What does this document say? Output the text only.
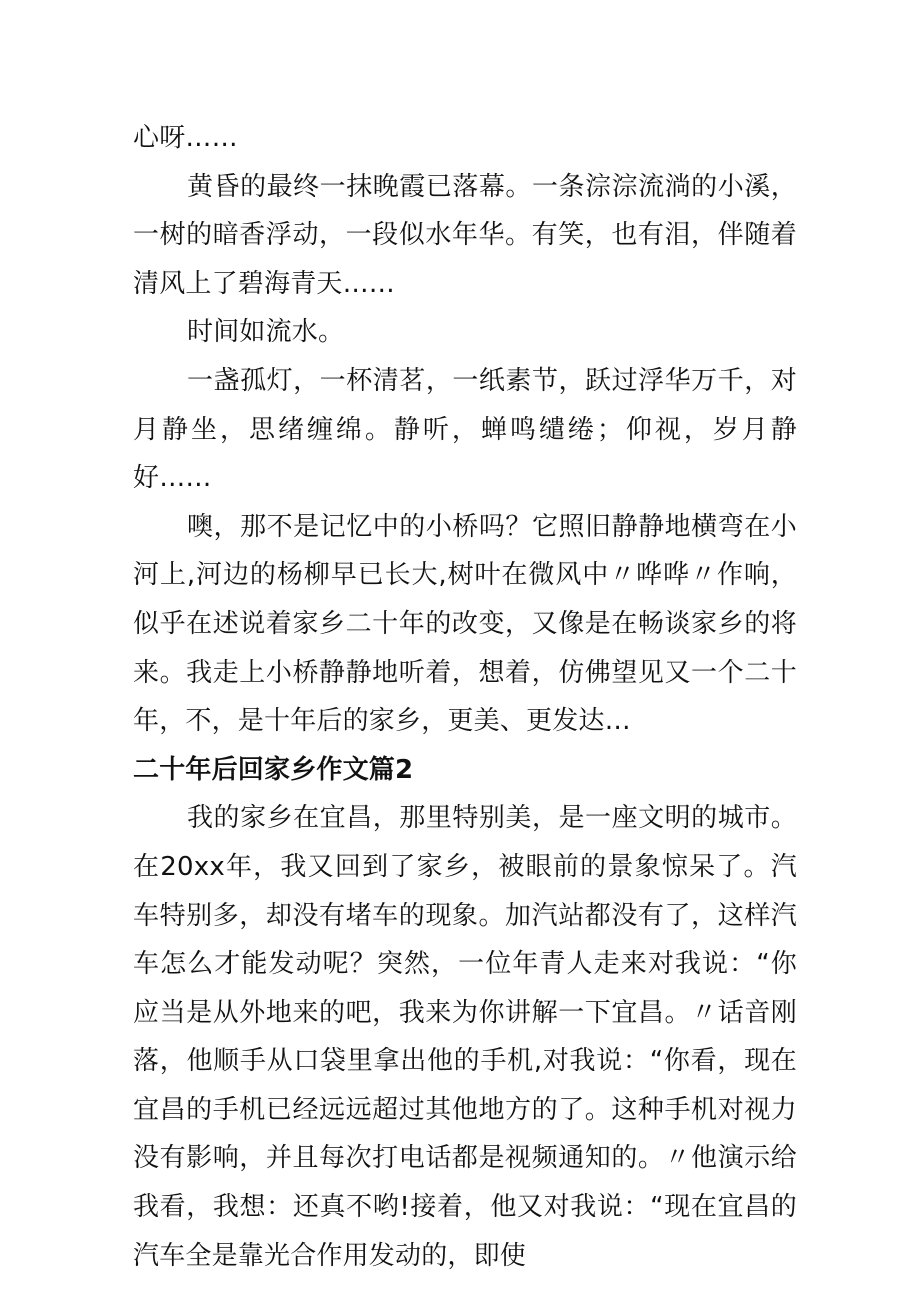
心呀……

黄昏的最终一抹晚霞已落幕。一条淙淙流淌的小溪，一树的暗香浮动，一段似水年华。有笑，也有泪，伴随着清风上了碧海青天……

时间如流水。

一盏孤灯，一杯清茗，一纸素节，跃过浮华万千，对月静坐，思绪缠绵。静听，蝉鸣缱绻；仰视，岁月静好……

噢，那不是记忆中的小桥吗？它照旧静静地横弯在小河上,河边的杨柳早已长大,树叶在微风中〃哗哗〃作响，似乎在述说着家乡二十年的改变，又像是在畅谈家乡的将来。我走上小桥静静地听着，想着，仿佛望见又一个二十年，不，是十年后的家乡，更美、更发达…

二十年后回家乡作文篇2

我的家乡在宜昌，那里特别美，是一座文明的城市。在20xx年，我又回到了家乡，被眼前的景象惊呆了。汽车特别多，却没有堵车的现象。加汽站都没有了，这样汽车怎么才能发动呢？突然，一位年青人走来对我说：“你应当是从外地来的吧，我来为你讲解一下宜昌。〃话音刚落，他顺手从口袋里拿出他的手机,对我说：“你看，现在宜昌的手机已经远远超过其他地方的了。这种手机对视力没有影响，并且每次打电话都是视频通知的。〃他演示给我看，我想：还真不哟!接着，他又对我说：“现在宜昌的汽车全是靠光合作用发动的，即使
